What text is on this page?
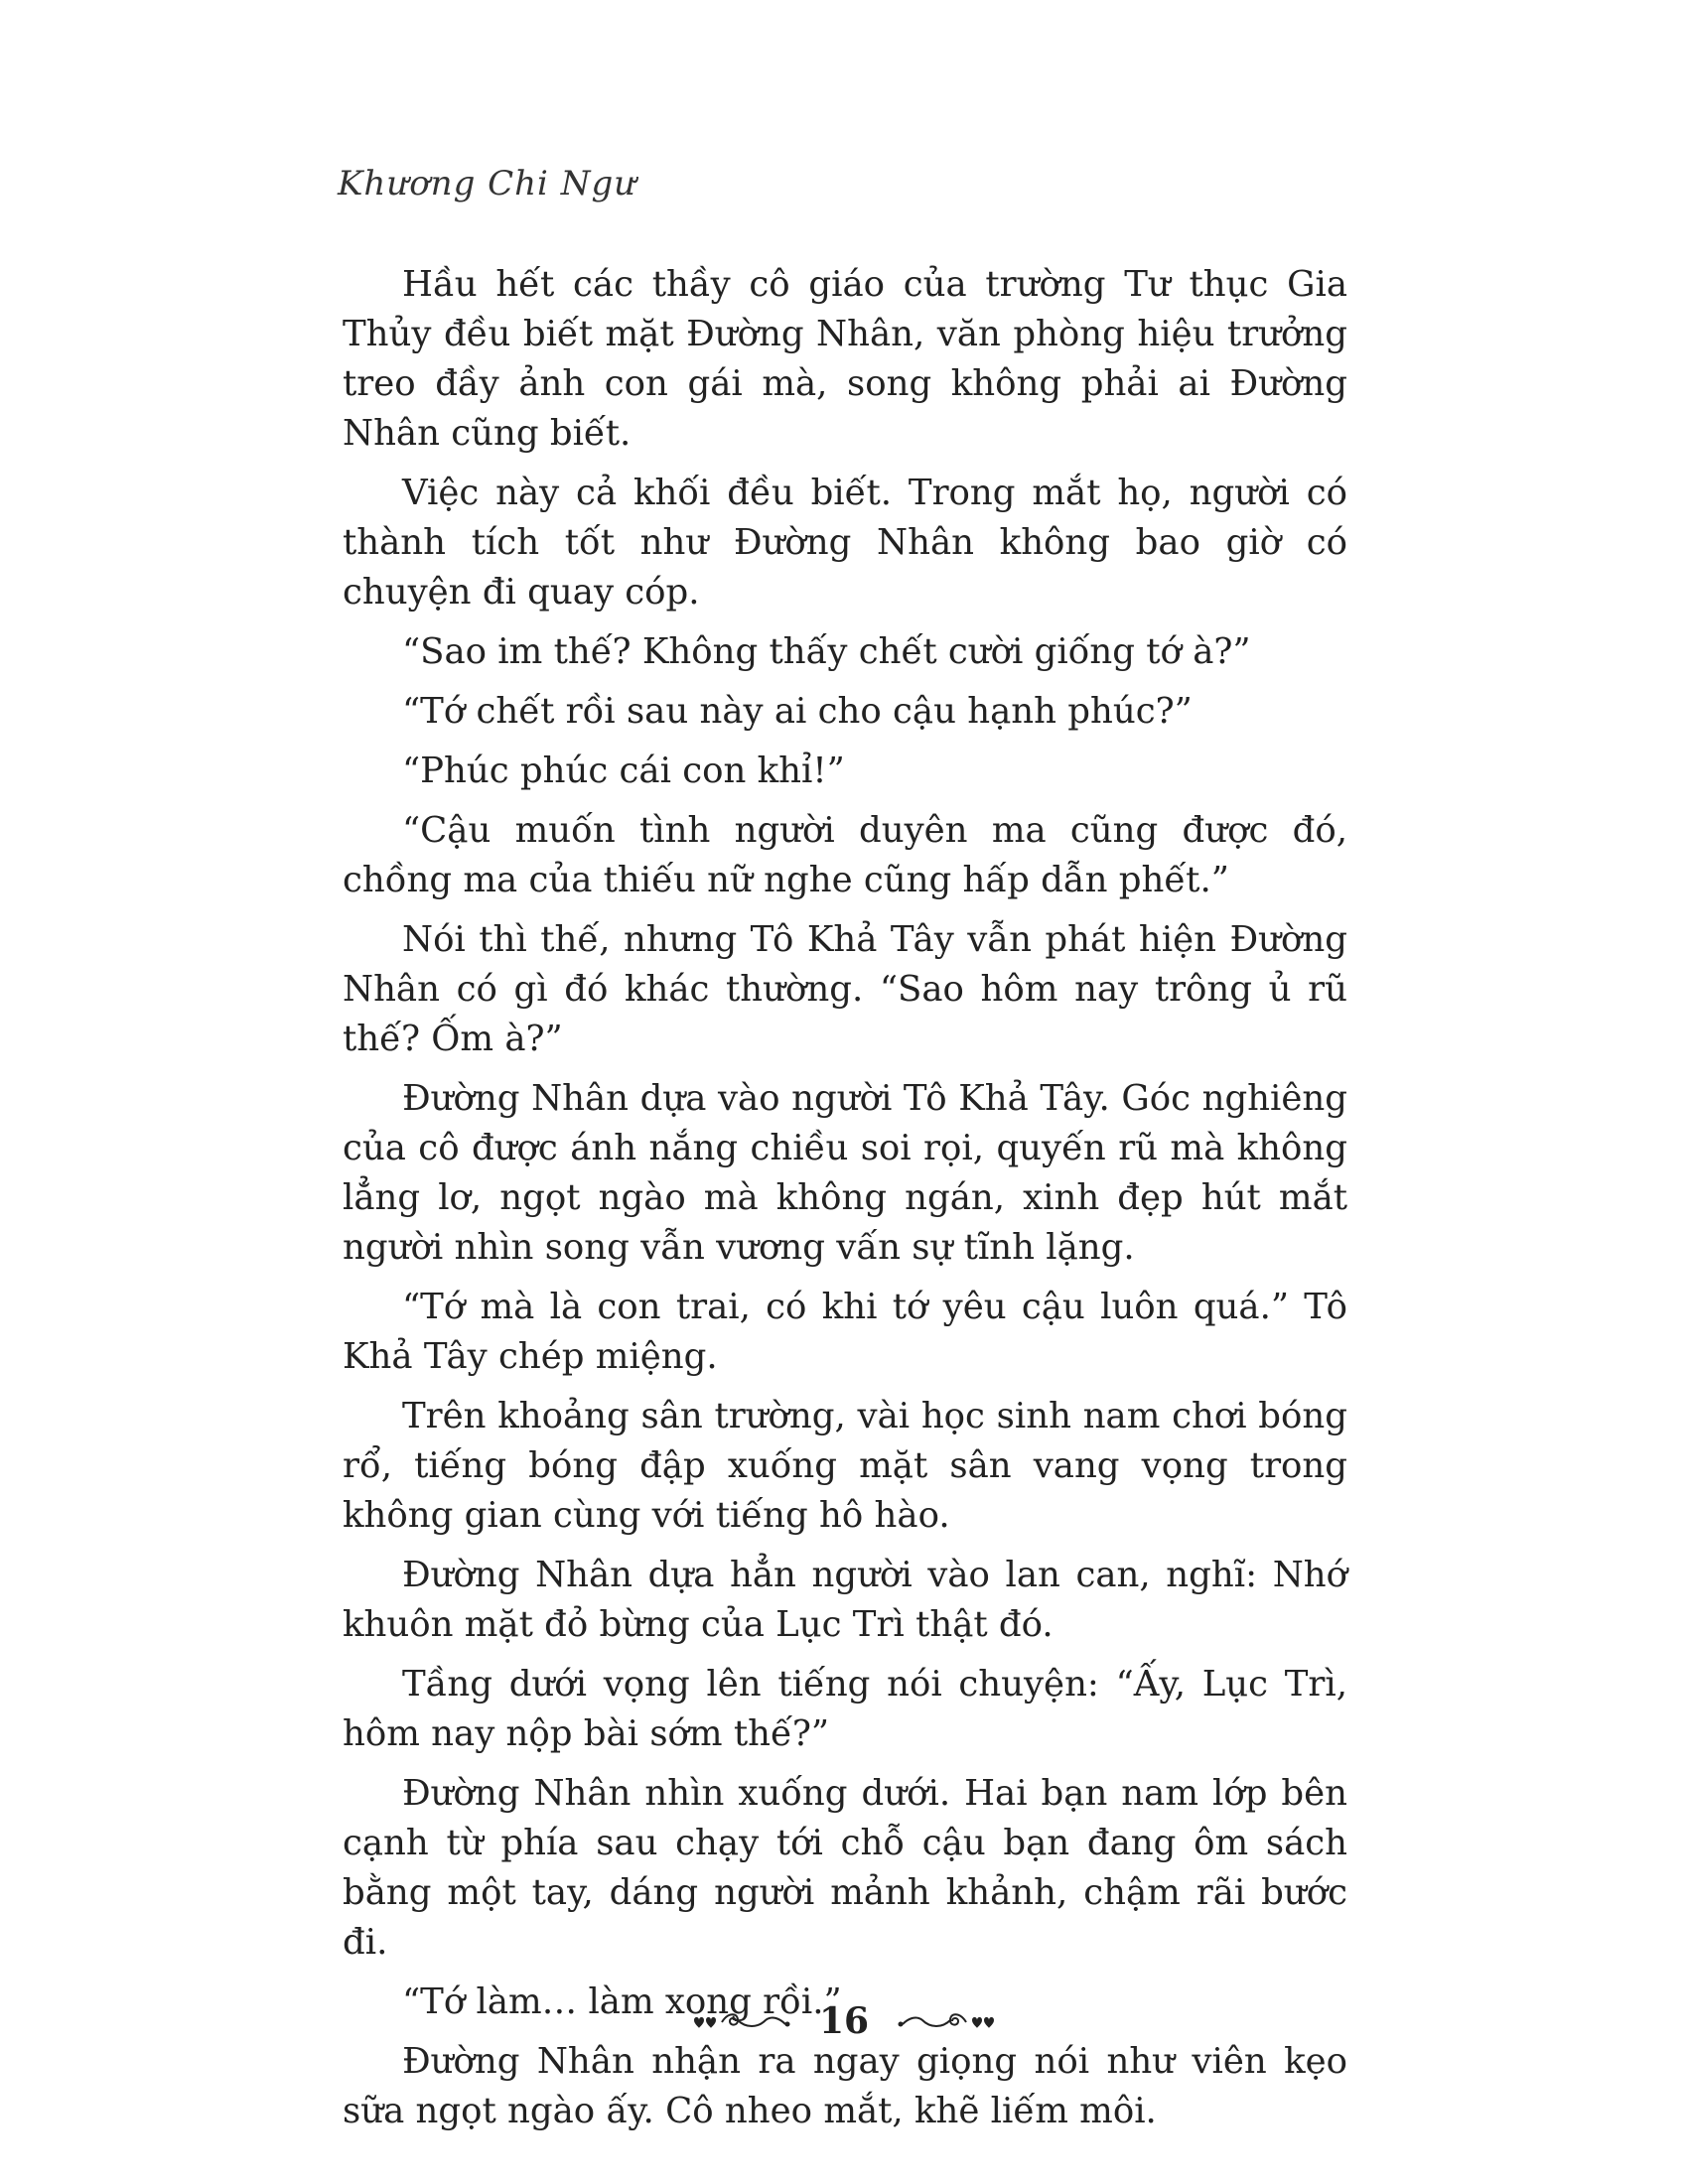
Khương Chi Ngư

Hầu hết các thầy cô giáo của trường Tư thục Gia Thủy đều biết mặt Đường Nhân, văn phòng hiệu trưởng treo đầy ảnh con gái mà, song không phải ai Đường Nhân cũng biết.

Việc này cả khối đều biết. Trong mắt họ, người có thành tích tốt như Đường Nhân không bao giờ có chuyện đi quay cóp.

“Sao im thế? Không thấy chết cười giống tớ à?”

“Tớ chết rồi sau này ai cho cậu hạnh phúc?”

“Phúc phúc cái con khỉ!”

“Cậu muốn tình người duyên ma cũng được đó, chồng ma của thiếu nữ nghe cũng hấp dẫn phết.”

Nói thì thế, nhưng Tô Khả Tây vẫn phát hiện Đường Nhân có gì đó khác thường. “Sao hôm nay trông ủ rũ thế? Ốm à?”

Đường Nhân dựa vào người Tô Khả Tây. Góc nghiêng của cô được ánh nắng chiều soi rọi, quyến rũ mà không lẳng lơ, ngọt ngào mà không ngán, xinh đẹp hút mắt người nhìn song vẫn vương vấn sự tĩnh lặng.

“Tớ mà là con trai, có khi tớ yêu cậu luôn quá.” Tô Khả Tây chép miệng.

Trên khoảng sân trường, vài học sinh nam chơi bóng rổ, tiếng bóng đập xuống mặt sân vang vọng trong không gian cùng với tiếng hô hào.

Đường Nhân dựa hẳn người vào lan can, nghĩ: Nhớ khuôn mặt đỏ bừng của Lục Trì thật đó.

Tầng dưới vọng lên tiếng nói chuyện: “Ấy, Lục Trì, hôm nay nộp bài sớm thế?”

Đường Nhân nhìn xuống dưới. Hai bạn nam lớp bên cạnh từ phía sau chạy tới chỗ cậu bạn đang ôm sách bằng một tay, dáng người mảnh khảnh, chậm rãi bước đi.

“Tớ làm… làm xong rồi.”

Đường Nhân nhận ra ngay giọng nói như viên kẹo sữa ngọt ngào ấy. Cô nheo mắt, khẽ liếm môi.

16
